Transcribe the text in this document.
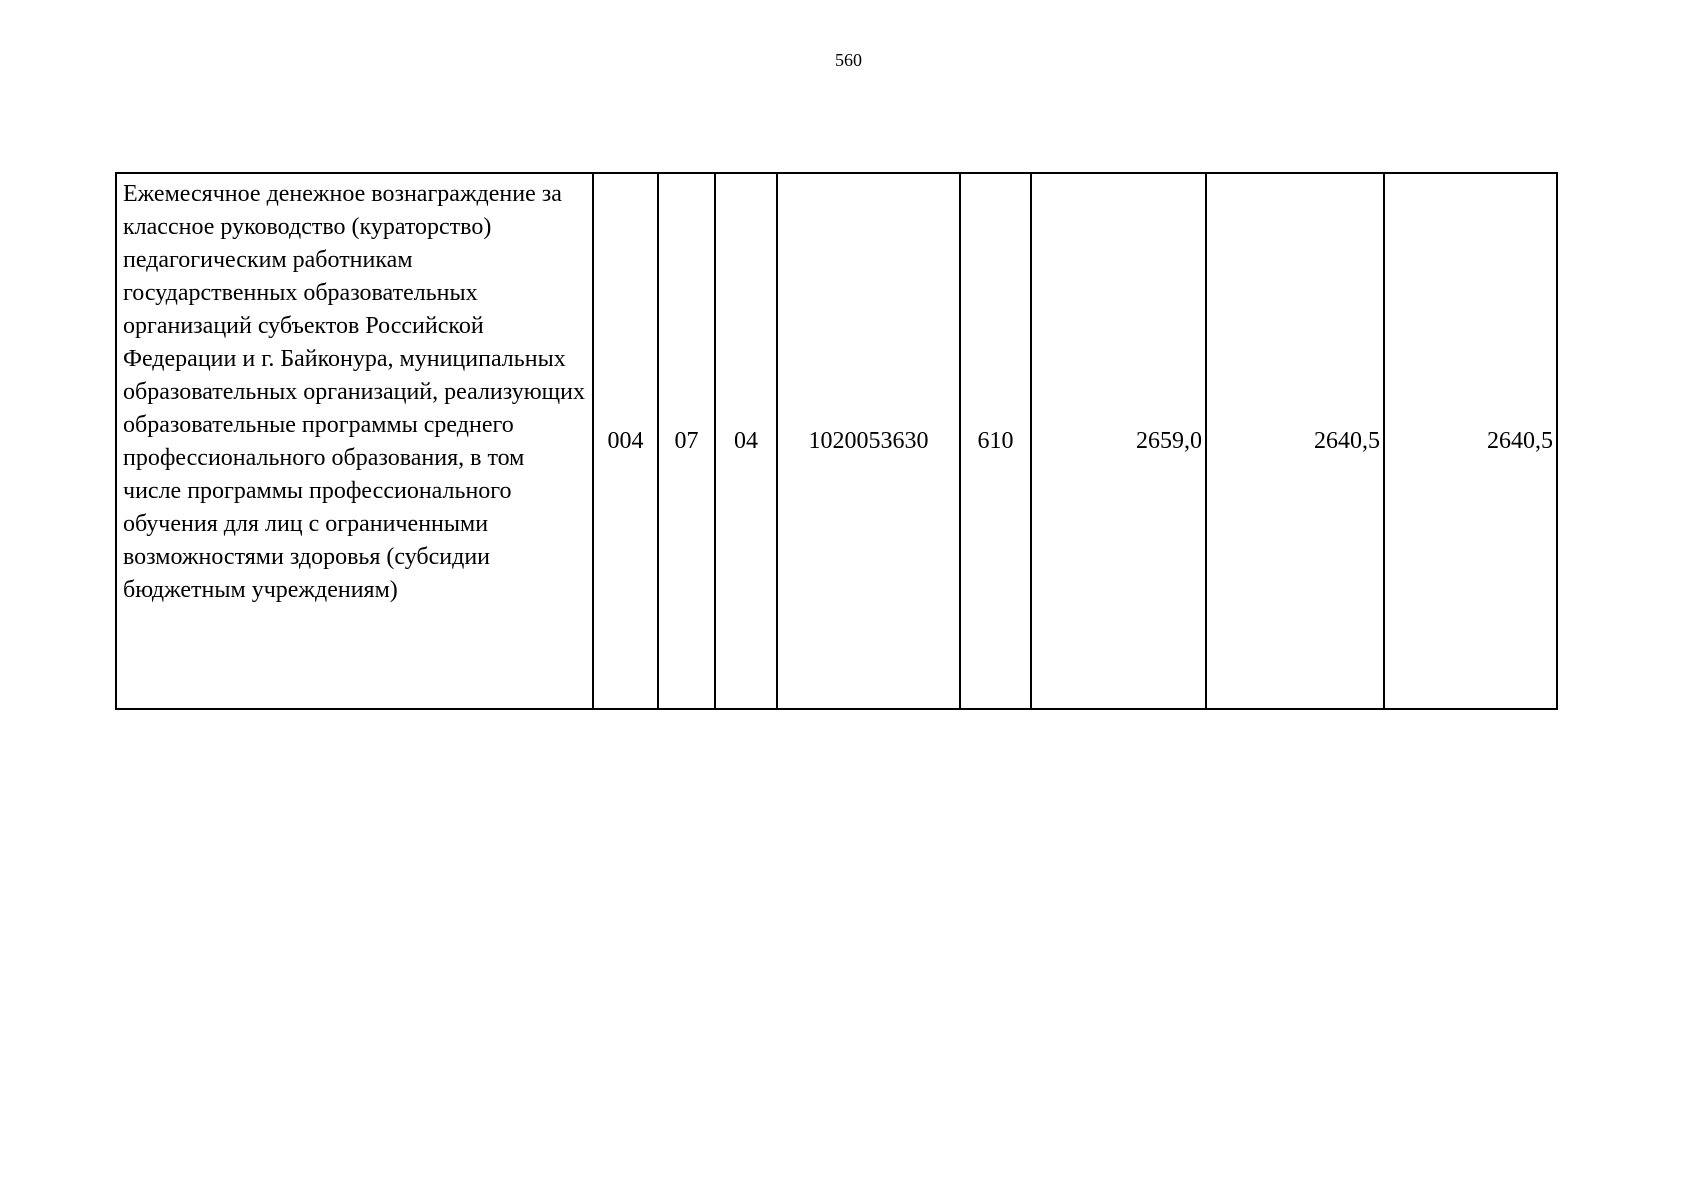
560
Ежемесячное денежное вознаграждение за классное руководство (кураторство) педагогическим работникам государственных образовательных организаций субъектов Российской Федерации и г. Байконура, муниципальных образовательных организаций, реализующих образовательные программы среднего профессионального образования, в том числе программы профессионального обучения для лиц с ограниченными возможностями здоровья (субсидии бюджетным учреждениям)	004	07	04	1020053630	610	2659,0	2640,5	2640,5
